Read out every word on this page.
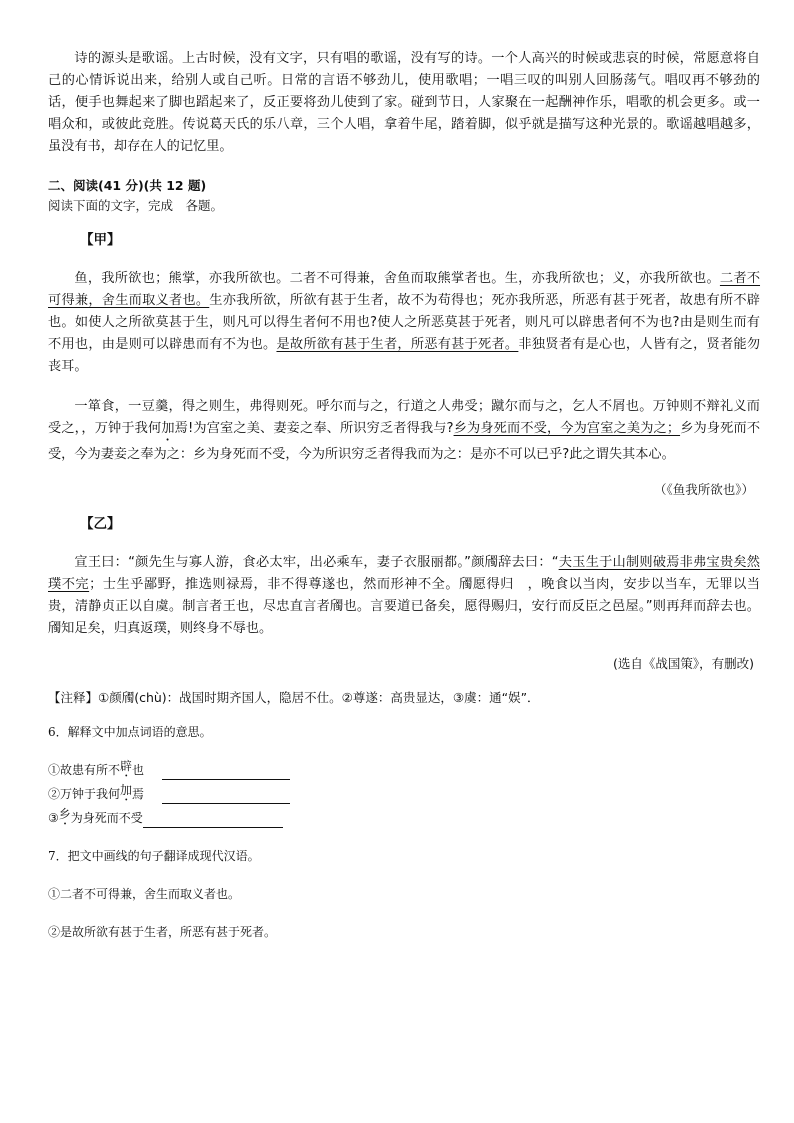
诗的源头是歌谣。上古时候，没有文字，只有唱的歌谣，没有写的诗。一个人高兴的时候或悲哀的时候，常愿意将自己的心情诉说出来，给别人或自己听。日常的言语不够劲儿，使用歌唱；一唱三叹的叫别人回肠荡气。唱叹再不够劲的话，便手也舞起来了脚也蹈起来了，反正要将劲儿使到了家。碰到节日，人家聚在一起酬神作乐，唱歌的机会更多。或一唱众和，或彼此竞胜。传说葛天氏的乐八章，三个人唱，拿着牛尾，踏着脚，似乎就是描写这种光景的。歌谣越唱越多，虽没有书，却存在人的记忆里。

二、阅读(41 分)(共 12 题)

阅读下面的文字，完成　各题。

【甲】

鱼，我所欲也；熊掌，亦我所欲也。二者不可得兼，舍鱼而取熊掌者也。生，亦我所欲也；义，亦我所欲也。二者不可得兼，舍生而取义者也。生亦我所欲，所欲有甚于生者，故不为苟得也；死亦我所恶，所恶有甚于死者，故患有所不辟也。如使人之所欲莫甚于生，则凡可以得生者何不用也?使人之所恶莫甚于死者，则凡可以辟患者何不为也?由是则生而有不用也，由是则可以辟患而有不为也。是故所欲有甚于生者，所恶有甚于死者。非独贤者有是心也，人皆有之，贤者能勿丧耳。

一箪食，一豆羹，得之则生，弗得则死。呼尔而与之，行道之人弗受；蹴尔而与之，乞人不屑也。万钟则不辩礼义而受之，，万钟于我何加焉!为宫室之美、妻妾之奉、所识穷乏者得我与?乡为身死而不受，今为宫室之美为之；乡为身死而不受，今为妻妾之奉为之：乡为身死而不受，今为所识穷乏者得我而为之：是亦不可以已乎?此之谓失其本心。

（《鱼我所欲也》）

【乙】

宣王曰：“颜先生与寡人游，食必太牢，出必乘车，妻子衣服丽都。”颜斶辞去曰：“夫玉生于山制则破焉非弗宝贵矣然璞不完；士生乎鄙野，推选则禄焉，非不得尊遂也，然而形神不全。斶愿得归　，晚食以当肉，安步以当车，无罪以当贵，清静贞正以自虞。制言者王也，尽忠直言者斶也。言要道已备矣，愿得赐归，安行而反臣之邑屋。”则再拜而辞去也。斶知足矣，归真返璞，则终身不辱也。

(选自《战国策》，有删改)

【注释】①颜斶(chù)：战国时期齐国人，隐居不仕。②尊遂：高贵显达，③虞：通“娱”．

6．解释文中加点词语的意思。

①故患有所不 辟 也

②万钟于我何 加 焉

③ 乡 为身死而不受

7．把文中画线的句子翻译成现代汉语。

①二者不可得兼，舍生而取义者也。

②是故所欲有甚于生者，所恶有甚于死者。
